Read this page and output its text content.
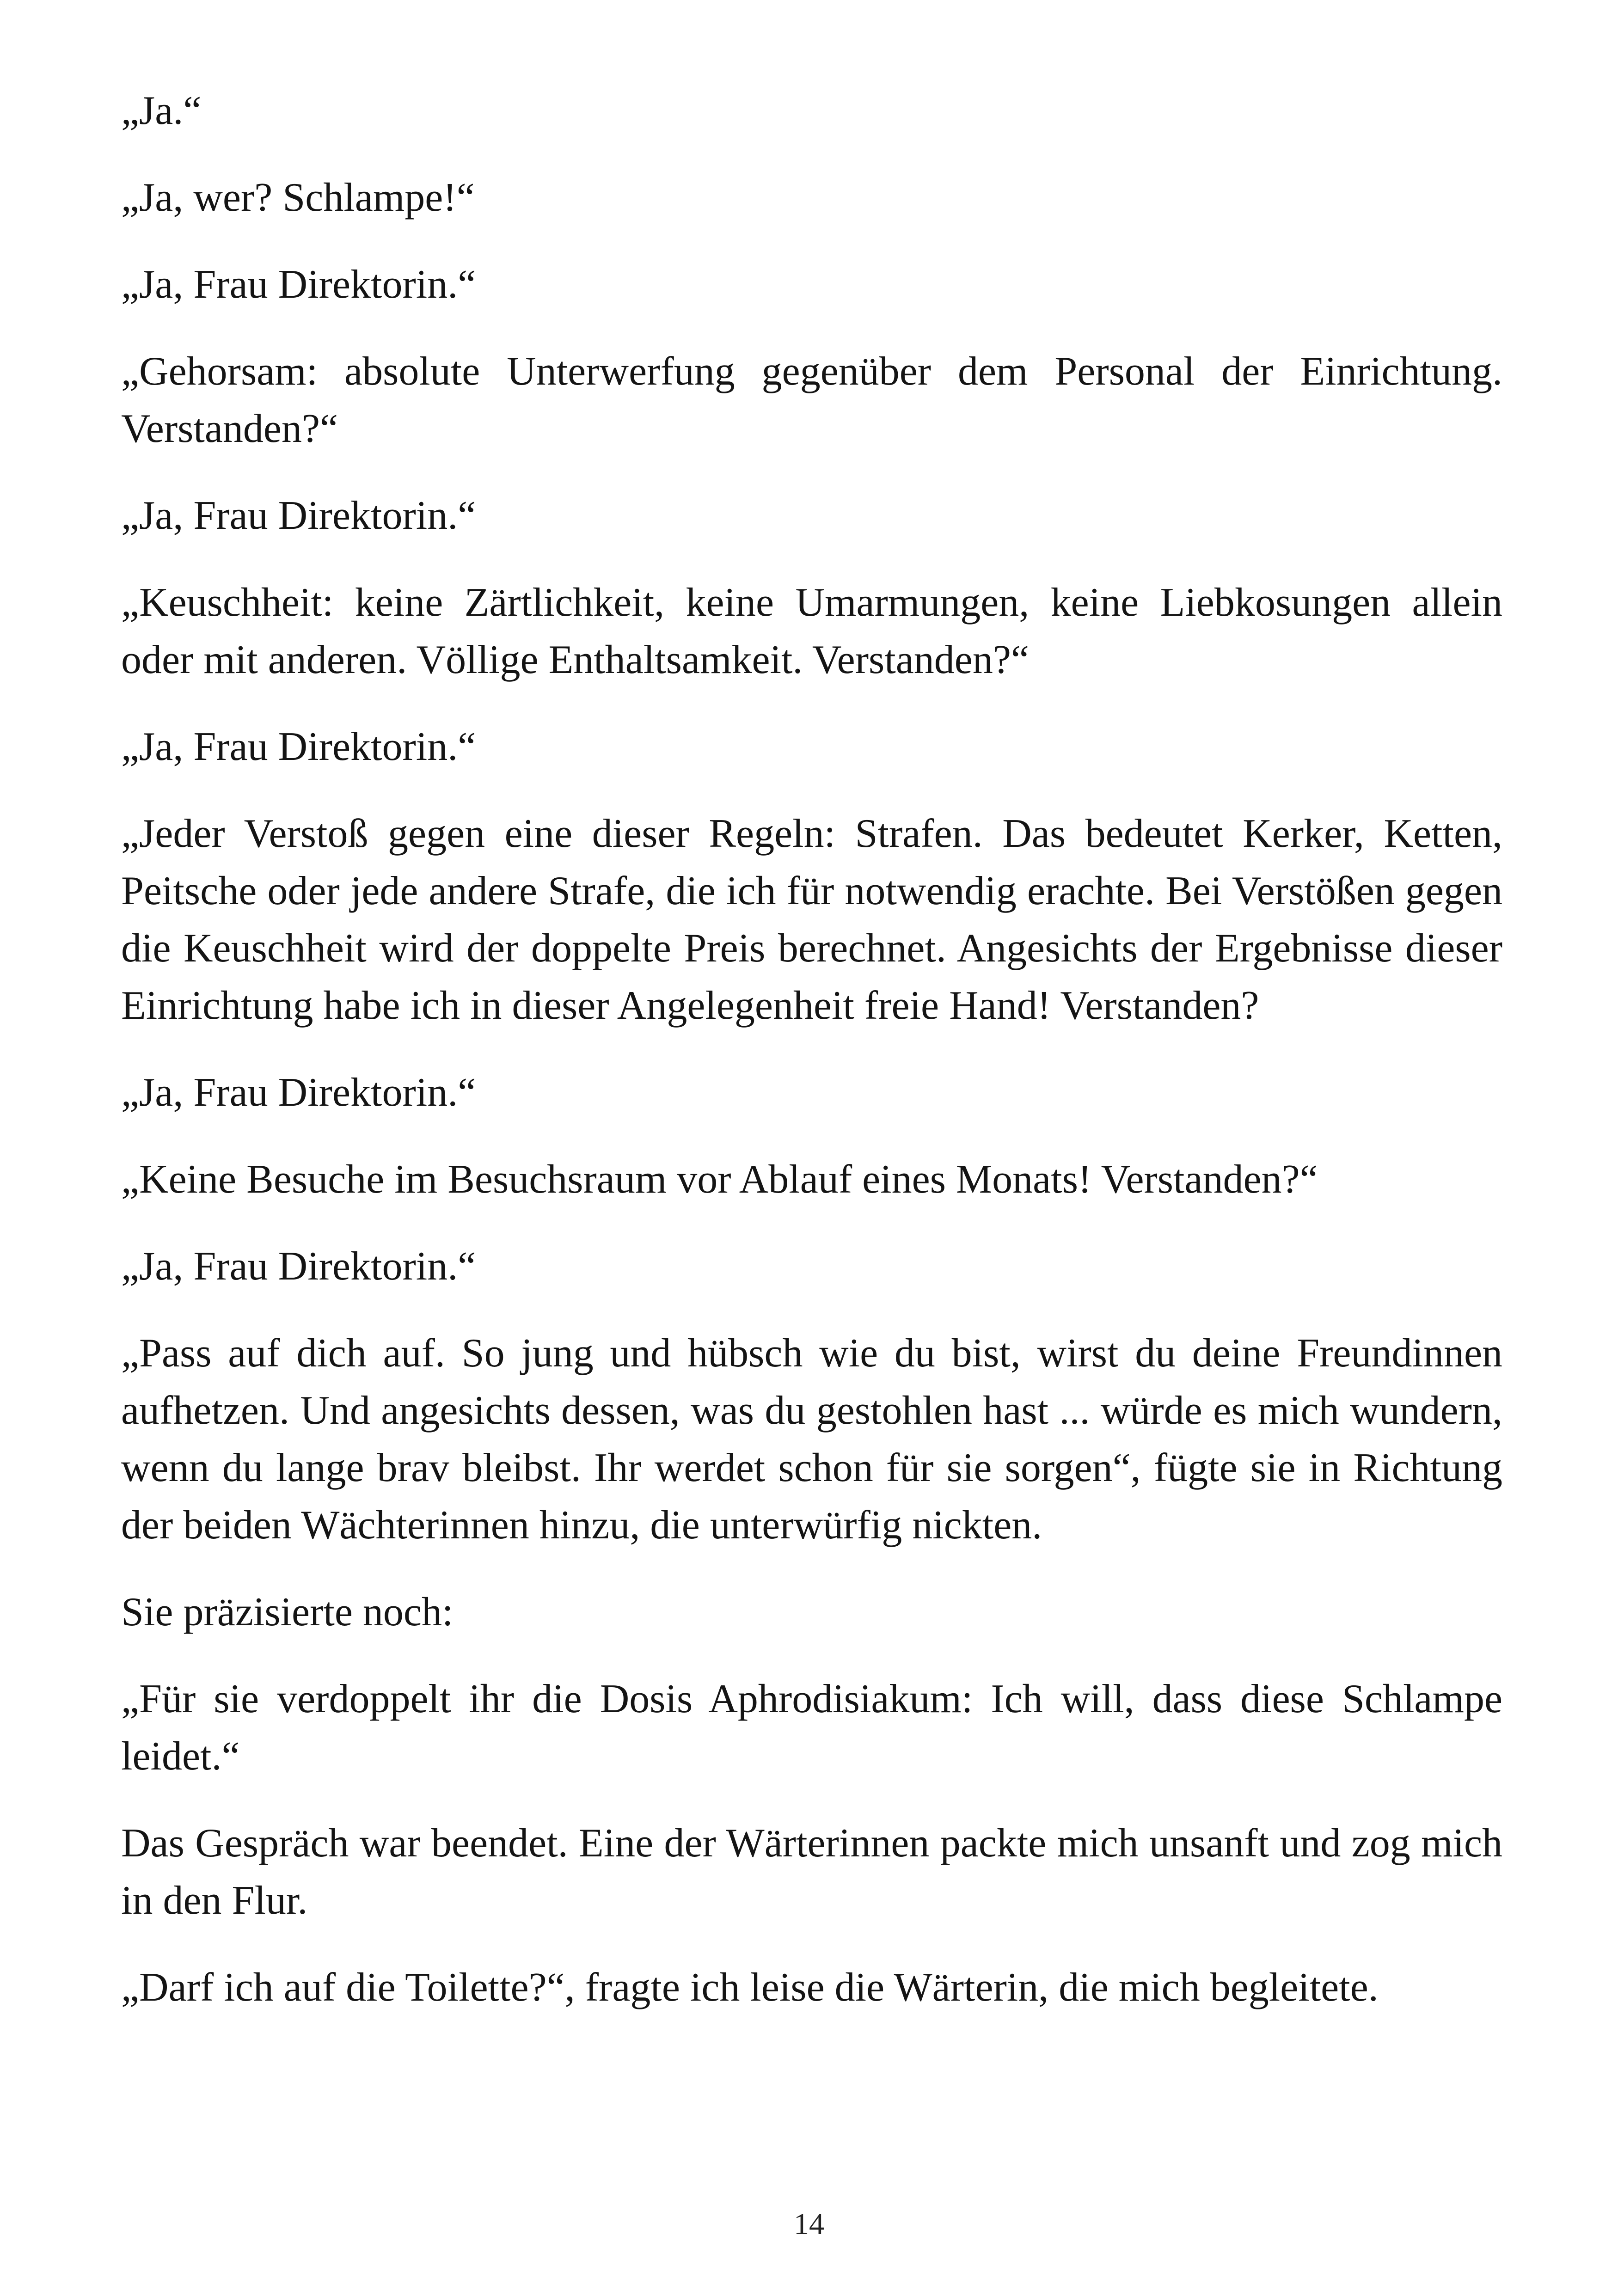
„Ja.“

„Ja, wer? Schlampe!“

„Ja, Frau Direktorin.“

„Gehorsam: absolute Unterwerfung gegenüber dem Personal der Einrichtung. Verstanden?“

„Ja, Frau Direktorin.“

„Keuschheit: keine Zärtlichkeit, keine Umarmungen, keine Liebkosungen allein oder mit anderen. Völlige Enthaltsamkeit. Verstanden?“

„Ja, Frau Direktorin.“

„Jeder Verstoß gegen eine dieser Regeln: Strafen. Das bedeutet Kerker, Ketten, Peitsche oder jede andere Strafe, die ich für notwendig erachte. Bei Verstößen gegen die Keuschheit wird der doppelte Preis berechnet. Angesichts der Ergebnisse dieser Einrichtung habe ich in dieser Angelegenheit freie Hand! Verstanden?

„Ja, Frau Direktorin.“

„Keine Besuche im Besuchsraum vor Ablauf eines Monats! Verstanden?“

„Ja, Frau Direktorin.“

„Pass auf dich auf. So jung und hübsch wie du bist, wirst du deine Freundinnen aufhetzen. Und angesichts dessen, was du gestohlen hast ... würde es mich wundern, wenn du lange brav bleibst. Ihr werdet schon für sie sorgen“, fügte sie in Richtung der beiden Wächterinnen hinzu, die unterwürfig nickten.

Sie präzisierte noch:

„Für sie verdoppelt ihr die Dosis Aphrodisiakum: Ich will, dass diese Schlampe leidet.“

Das Gespräch war beendet. Eine der Wärterinnen packte mich unsanft und zog mich in den Flur.

„Darf ich auf die Toilette?“, fragte ich leise die Wärterin, die mich begleitete.

14
